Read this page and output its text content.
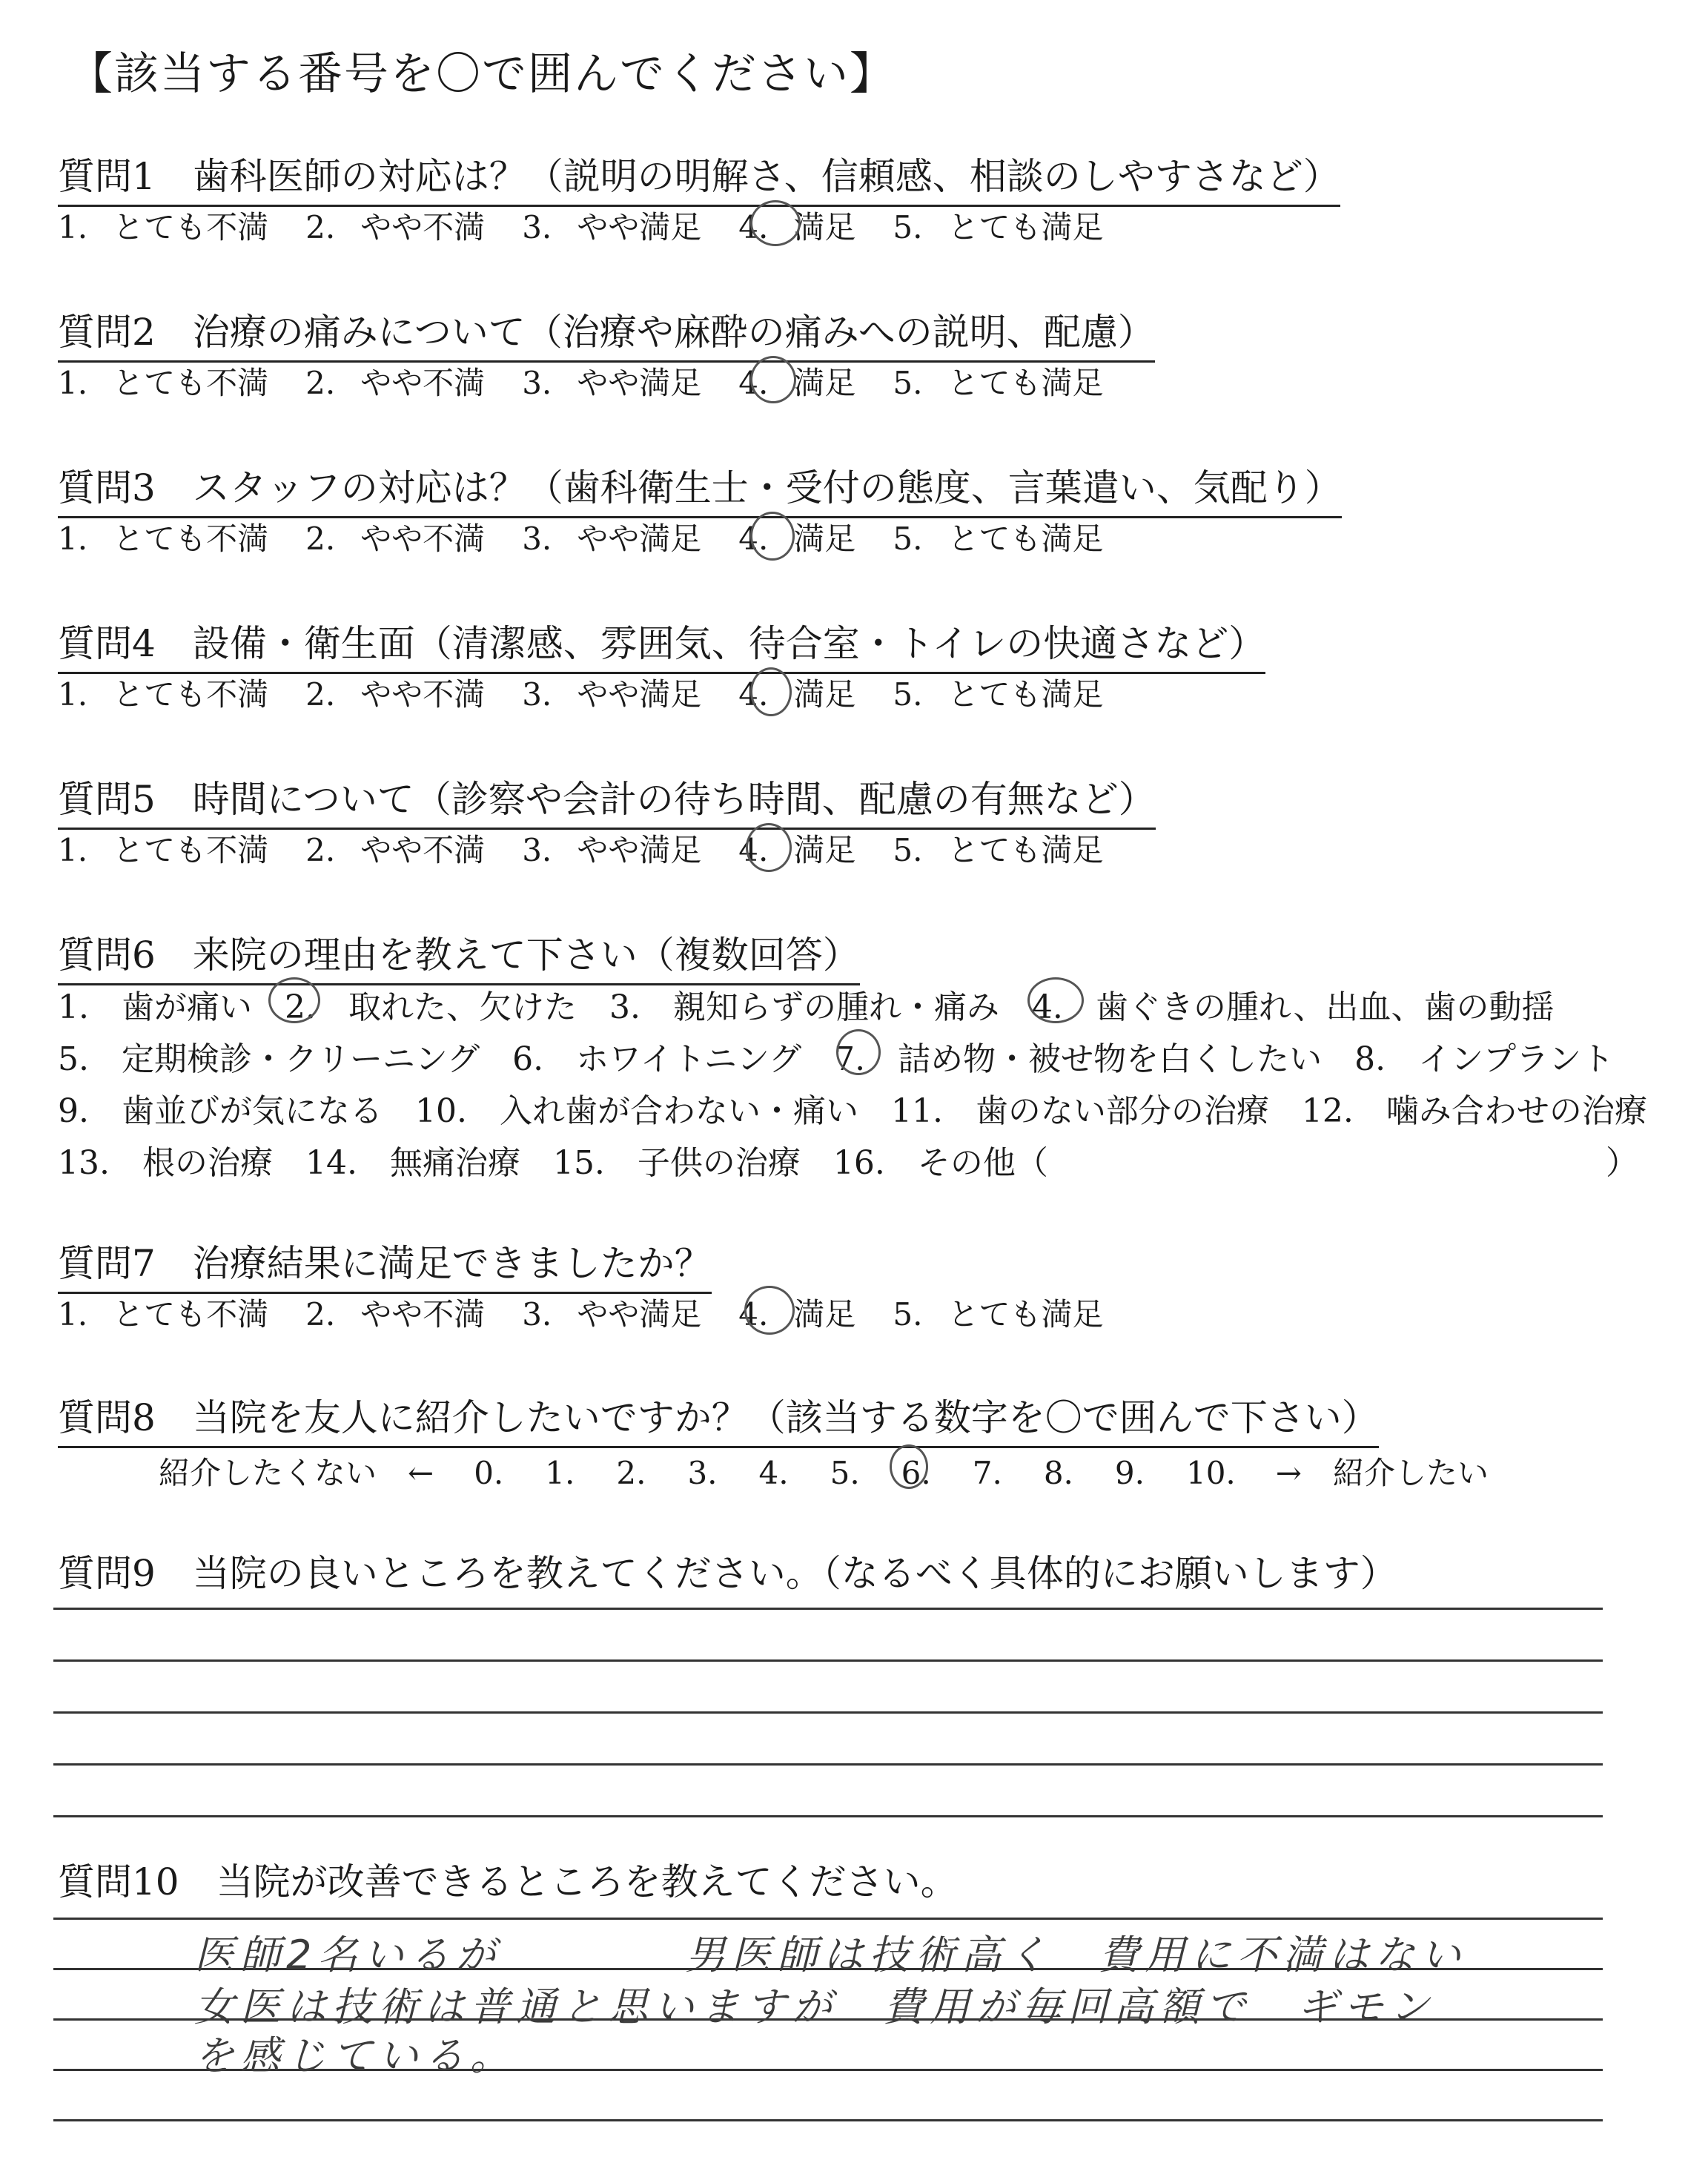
【該当する番号を〇で囲んでください】
質問1　歯科医師の対応は？（説明の明解さ、信頼感、相談のしやすさなど）
1. とても不満 2. やや不満 3. やや満足 4. 満足 5. とても満足
質問2　治療の痛みについて（治療や麻酔の痛みへの説明、配慮）
1. とても不満 2. やや不満 3. やや満足 4. 満足 5. とても満足
質問3　スタッフの対応は？（歯科衛生士・受付の態度、言葉遣い、気配り）
1. とても不満 2. やや不満 3. やや満足 4. 満足 5. とても満足
質問4　設備・衛生面（清潔感、雰囲気、待合室・トイレの快適さなど）
1. とても不満 2. やや不満 3. やや満足 4. 満足 5. とても満足
質問5　時間について（診察や会計の待ち時間、配慮の有無など）
1. とても不満 2. やや不満 3. やや満足 4. 満足 5. とても満足
質問6　来院の理由を教えて下さい（複数回答）
1.　歯が痛い　2.　取れた、欠けた　3.　親知らずの腫れ・痛み　4.　歯ぐきの腫れ、出血、歯の動揺
5.　定期検診・クリーニング　6.　ホワイトニング　7.　詰め物・被せ物を白くしたい　8.　インプラント
9.　歯並びが気になる　10.　入れ歯が合わない・痛い　11.　歯のない部分の治療　12.　噛み合わせの治療
13.　根の治療　14.　無痛治療　15.　子供の治療　16.　その他（	）
質問7　治療結果に満足できましたか？
1. とても不満 2. やや不満 3. やや満足 4. 満足 5. とても満足
質問8　当院を友人に紹介したいですか？（該当する数字を〇で囲んで下さい）
紹介したくない　← 0. 1. 2. 3. 4. 5. 6. 7. 8. 9. 10. →　紹介したい
質問9　当院の良いところを教えてください。（なるべく具体的にお願いします）
質問10　当院が改善できるところを教えてください。
医師2名いるが　　　　男医師は技術高く　費用に不満はない
女医は技術は普通と思いますが　費用が毎回高額で　ギモン
を感じている。
